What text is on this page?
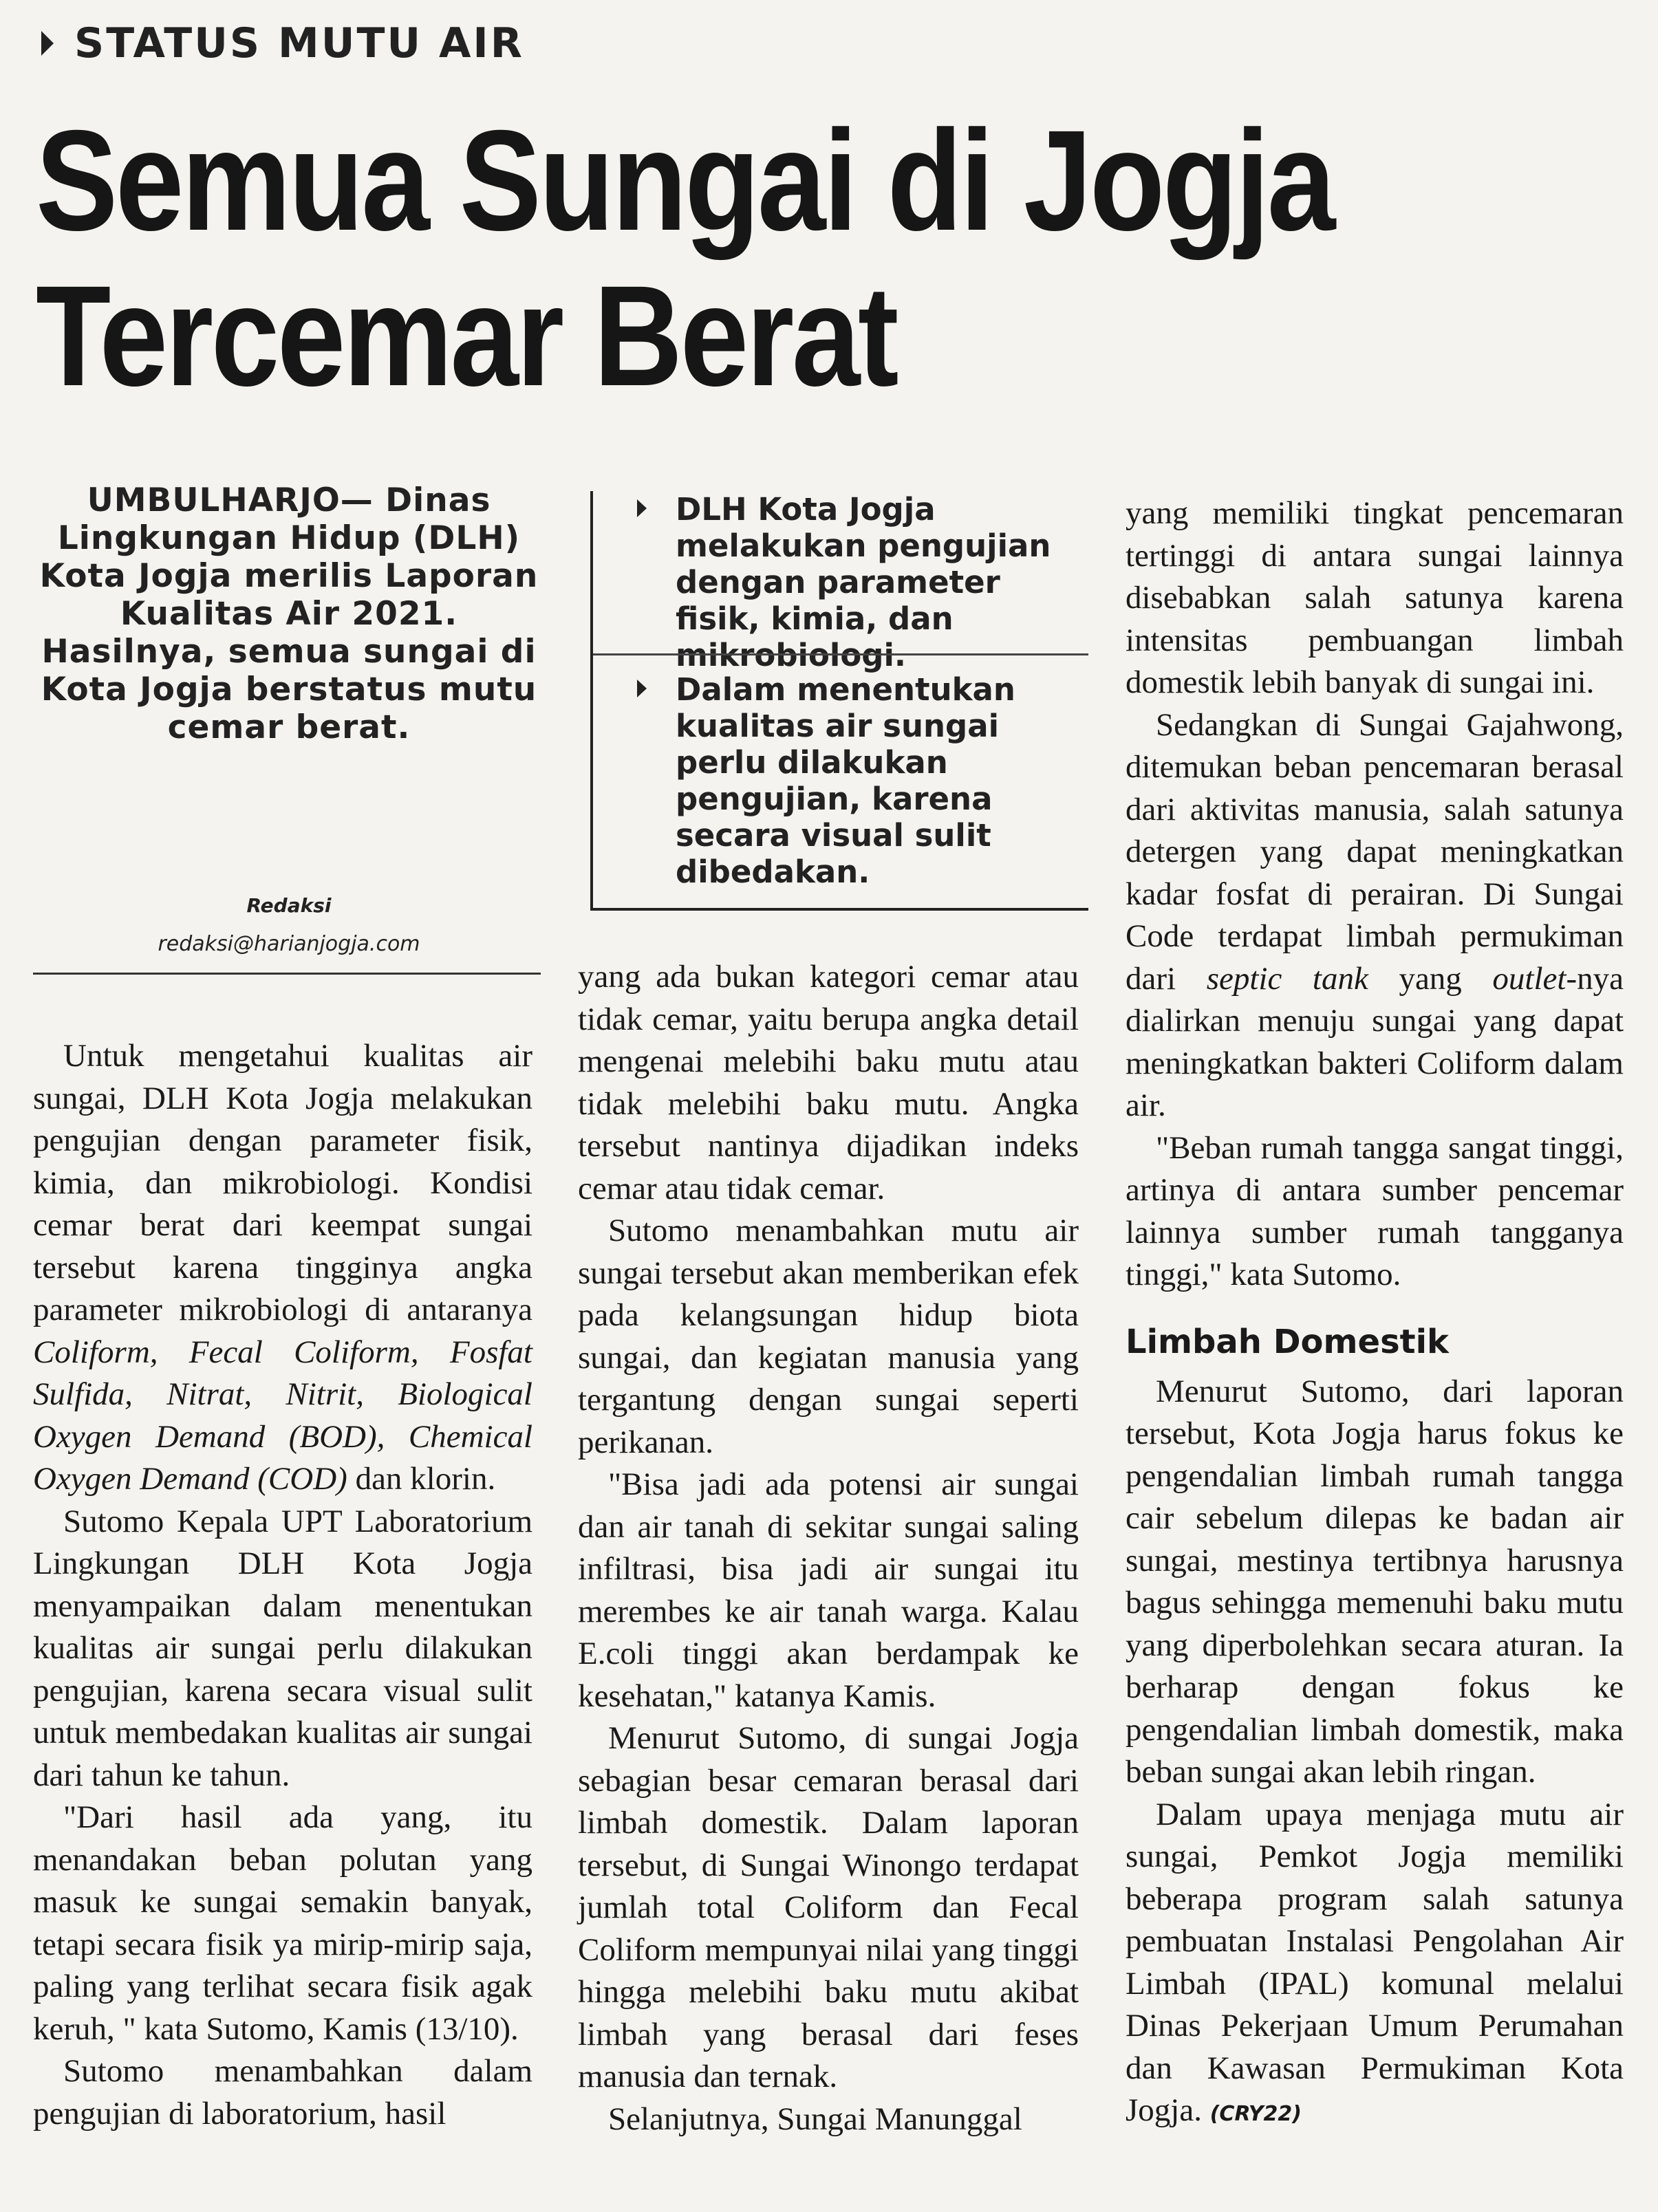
STATUS MUTU AIR
Semua Sungai di Jogja
Tercemar Berat
UMBULHARJO— Dinas Lingkungan Hidup (DLH) Kota Jogja merilis Laporan Kualitas Air 2021. Hasilnya, semua sungai di Kota Jogja berstatus mutu cemar berat.
Redaksi
redaksi@harianjogja.com
DLH Kota Jogja melakukan pengujian dengan parameter fisik, kimia, dan mikrobiologi.
Dalam menentukan kualitas air sungai perlu dilakukan pengujian, karena secara visual sulit dibedakan.

Untuk mengetahui kualitas air sungai, DLH Kota Jogja melakukan pengujian dengan parameter fisik, kimia, dan mikrobiologi. Kondisi cemar berat dari keempat sungai tersebut karena tingginya angka parameter mikrobiologi di antaranya Coliform, Fecal Coliform, Fosfat Sulfida, Nitrat, Nitrit, Biological Oxygen Demand (BOD), Chemical Oxygen Demand (COD) dan klorin.

Sutomo Kepala UPT Laboratorium Lingkungan DLH Kota Jogja menyampaikan dalam menentukan kualitas air sungai perlu dilakukan pengujian, karena secara visual sulit untuk membedakan kualitas air sungai dari tahun ke tahun.

"Dari hasil ada yang, itu menandakan beban polutan yang masuk ke sungai semakin banyak, tetapi secara fisik ya mirip-mirip saja, paling yang terlihat secara fisik agak keruh, " kata Sutomo, Kamis (13/10).

Sutomo menambahkan dalam pengujian di laboratorium, hasil

yang ada bukan kategori cemar atau tidak cemar, yaitu berupa angka detail mengenai melebihi baku mutu atau tidak melebihi baku mutu. Angka tersebut nantinya dijadikan indeks cemar atau tidak cemar.

Sutomo menambahkan mutu air sungai tersebut akan memberikan efek pada kelangsungan hidup biota sungai, dan kegiatan manusia yang tergantung dengan sungai seperti perikanan.

"Bisa jadi ada potensi air sungai dan air tanah di sekitar sungai saling infiltrasi, bisa jadi air sungai itu merembes ke air tanah warga. Kalau E.coli tinggi akan berdampak ke kesehatan," katanya Kamis.

Menurut Sutomo, di sungai Jogja sebagian besar cemaran berasal dari limbah domestik. Dalam laporan tersebut, di Sungai Winongo terdapat jumlah total Coliform dan Fecal Coliform mempunyai nilai yang tinggi hingga melebihi baku mutu akibat limbah yang berasal dari feses manusia dan ternak.

Selanjutnya, Sungai Manunggal

yang memiliki tingkat pencemaran tertinggi di antara sungai lainnya disebabkan salah satunya karena intensitas pembuangan limbah domestik lebih banyak di sungai ini.

Sedangkan di Sungai Gajahwong, ditemukan beban pencemaran berasal dari aktivitas manusia, salah satunya detergen yang dapat meningkatkan kadar fosfat di perairan. Di Sungai Code terdapat limbah permukiman dari septic tank yang outlet-nya dialirkan menuju sungai yang dapat meningkatkan bakteri Coliform dalam air.

"Beban rumah tangga sangat tinggi, artinya di antara sumber pencemar lainnya sumber rumah tangganya tinggi," kata Sutomo.

Limbah Domestik

Menurut Sutomo, dari laporan tersebut, Kota Jogja harus fokus ke pengendalian limbah rumah tangga cair sebelum dilepas ke badan air sungai, mestinya tertibnya harusnya bagus sehingga memenuhi baku mutu yang diperbolehkan secara aturan. Ia berharap dengan fokus ke pengendalian limbah domestik, maka beban sungai akan lebih ringan.

Dalam upaya menjaga mutu air sungai, Pemkot Jogja memiliki beberapa program salah satunya pembuatan Instalasi Pengolahan Air Limbah (IPAL) komunal melalui Dinas Pekerjaan Umum Perumahan dan Kawasan Permukiman Kota Jogja. (CRY22)
